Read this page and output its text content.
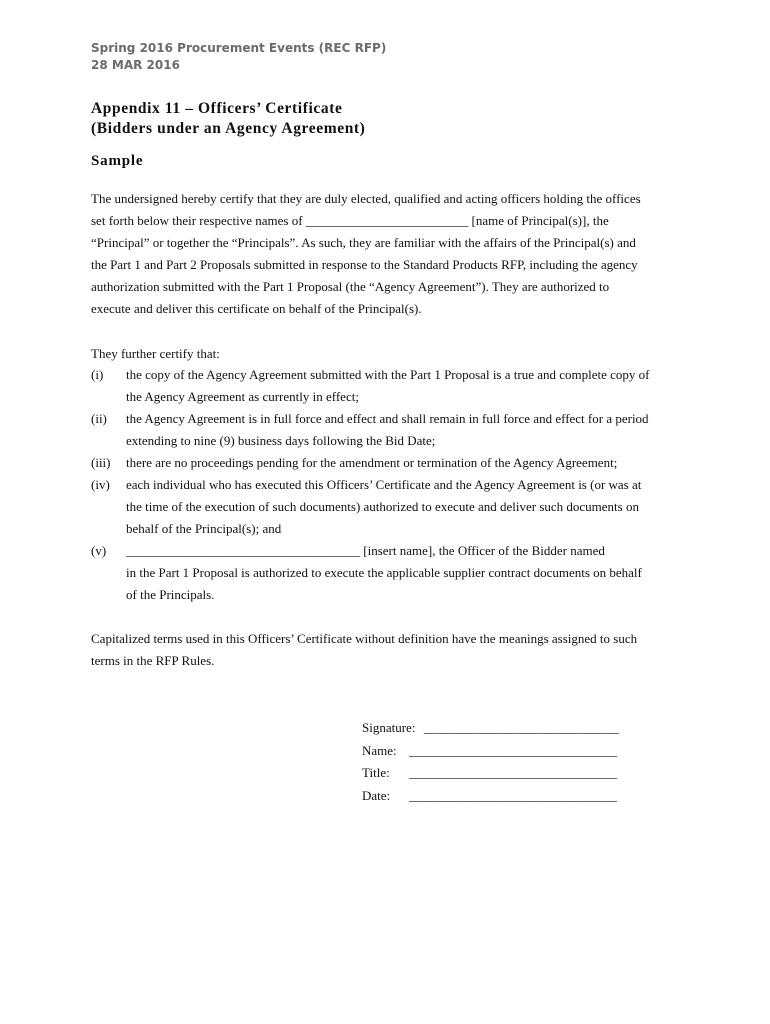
Spring 2016 Procurement Events (REC RFP)
28 MAR 2016
Appendix 11 – Officers’ Certificate
(Bidders under an Agency Agreement)
Sample
The undersigned hereby certify that they are duly elected, qualified and acting officers holding the offices
set forth below their respective names of _________________________ [name of Principal(s)], the
“Principal” or together the “Principals”. As such, they are familiar with the affairs of the Principal(s) and
the Part 1 and Part 2 Proposals submitted in response to the Standard Products RFP, including the agency
authorization submitted with the Part 1 Proposal (the “Agency Agreement”). They are authorized to
execute and deliver this certificate on behalf of the Principal(s).
They further certify that:
(i) the copy of the Agency Agreement submitted with the Part 1 Proposal is a true and complete copy of
the Agency Agreement as currently in effect;
(ii) the Agency Agreement is in full force and effect and shall remain in full force and effect for a period
extending to nine (9) business days following the Bid Date;
(iii) there are no proceedings pending for the amendment or termination of the Agency Agreement;
(iv) each individual who has executed this Officers’ Certificate and the Agency Agreement is (or was at
the time of the execution of such documents) authorized to execute and deliver such documents on
behalf of the Principal(s); and
(v) ____________________________________ [insert name], the Officer of the Bidder named
in the Part 1 Proposal is authorized to execute the applicable supplier contract documents on behalf
of the Principals.
Capitalized terms used in this Officers’ Certificate without definition have the meanings assigned to such
terms in the RFP Rules.
Signature: ______________________________
Name: ________________________________
Title: ________________________________
Date: ________________________________
